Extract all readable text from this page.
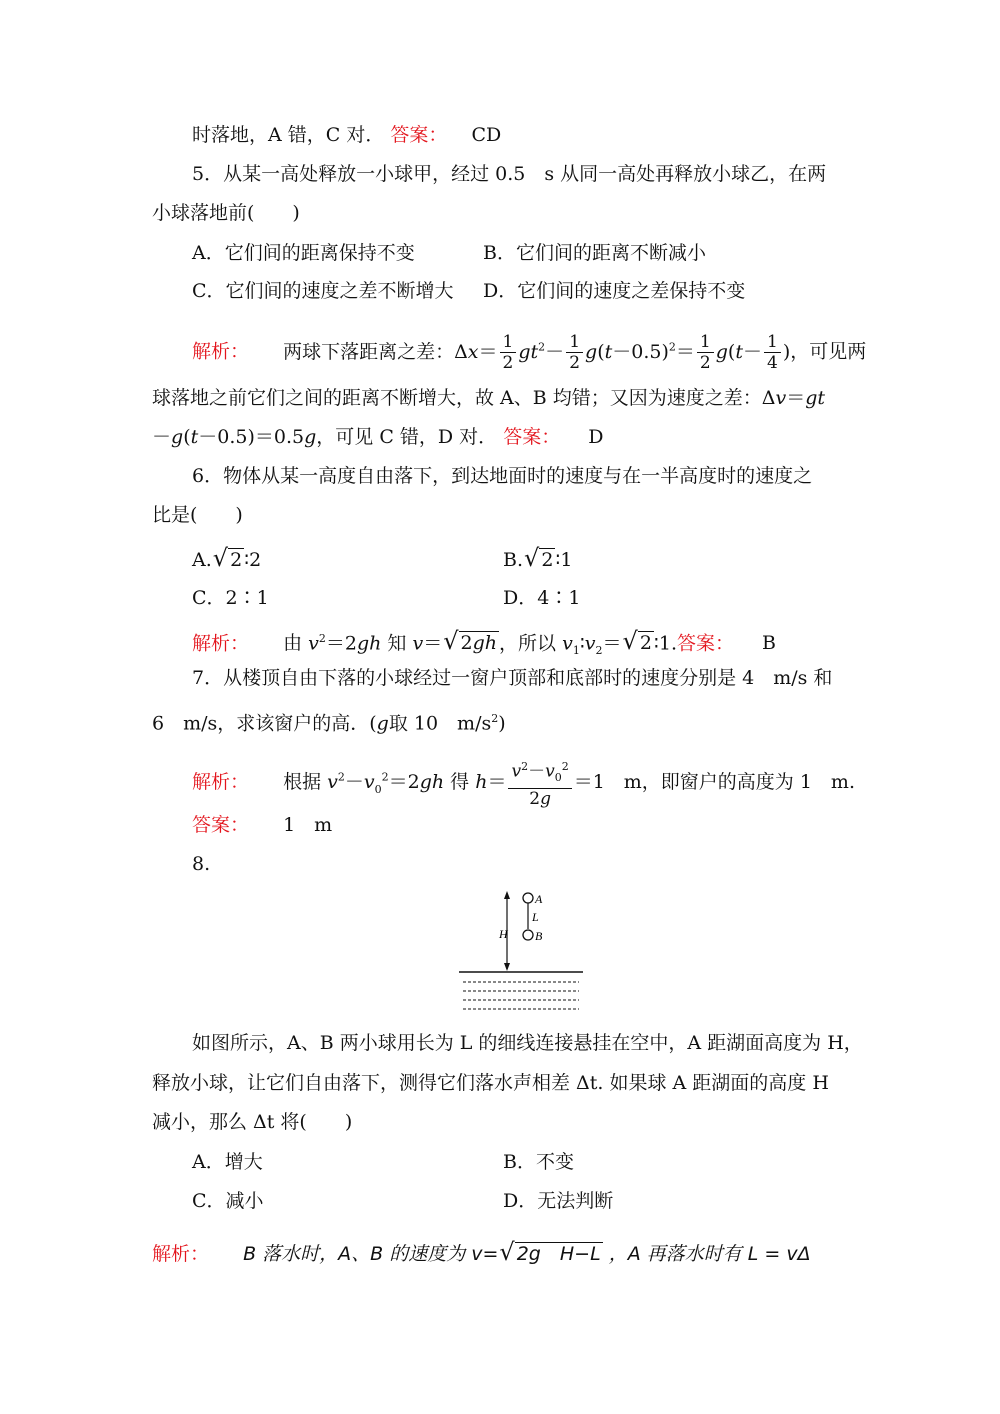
时落地，A 错，C 对． 答案： CD
5．从某一高处释放一小球甲，经过 0.5　s 从同一高处再释放小球乙，在两
小球落地前(　　)
A．它们间的距离保持不变	B．它们间的距离不断减小
C．它们间的速度之差不断增大 D．它们间的速度之差保持不变
解析： 两球下落距离之差：$\Delta x= \frac{1}{2} gt^2- \frac{1}{2} g(t-0.5)^2= \frac{1}{2} g(t- \frac{1}{4}$ )，可见两
球落地之前它们之间的距离不断增大，故 A、B 均错；又因为速度之差：Δv＝gt
－g(t－0.5)＝0.5g，可见 C 错，D 对． 答案： D
6．物体从某一高度自由落下，到达地面时的速度与在一半高度时的速度之
比是(　　)
A.√ 2 ∶2	B.√ 2 ∶1
C．2∶1	D．4∶1
解析： 由 $v^2=2gh$ 知 v＝√ 2gh ，所以 $v_1∶v_2=√$ 2 ∶1.答案： B
7．从楼顶自由下落的小球经过一窗户顶部和底部时的速度分别是 4　m/s 和
6　m/s，求该窗户的高．(g取 10　$m/s^2$)
解析： 根据 $v^2-v_0^2=2gh$ 得 $h= \frac{v^2-v_0^2}{2g} =1$　m，即窗户的高度为 1　m.
答案： 1　m
8.
A
L
B
H
如图所示，A、B 两小球用长为 L 的细线连接悬挂在空中，A 距湖面高度为 H，
释放小球，让它们自由落下，测得它们落水声相差 Δt. 如果球 A 距湖面的高度 H
减小，那么 Δt 将(　　)
A．增大	B．不变
C．减小	D．无法判断
解析： B 落水时，A、B 的速度为 v=√ 2g　H−L ，A 再落水时有 L = vΔ
